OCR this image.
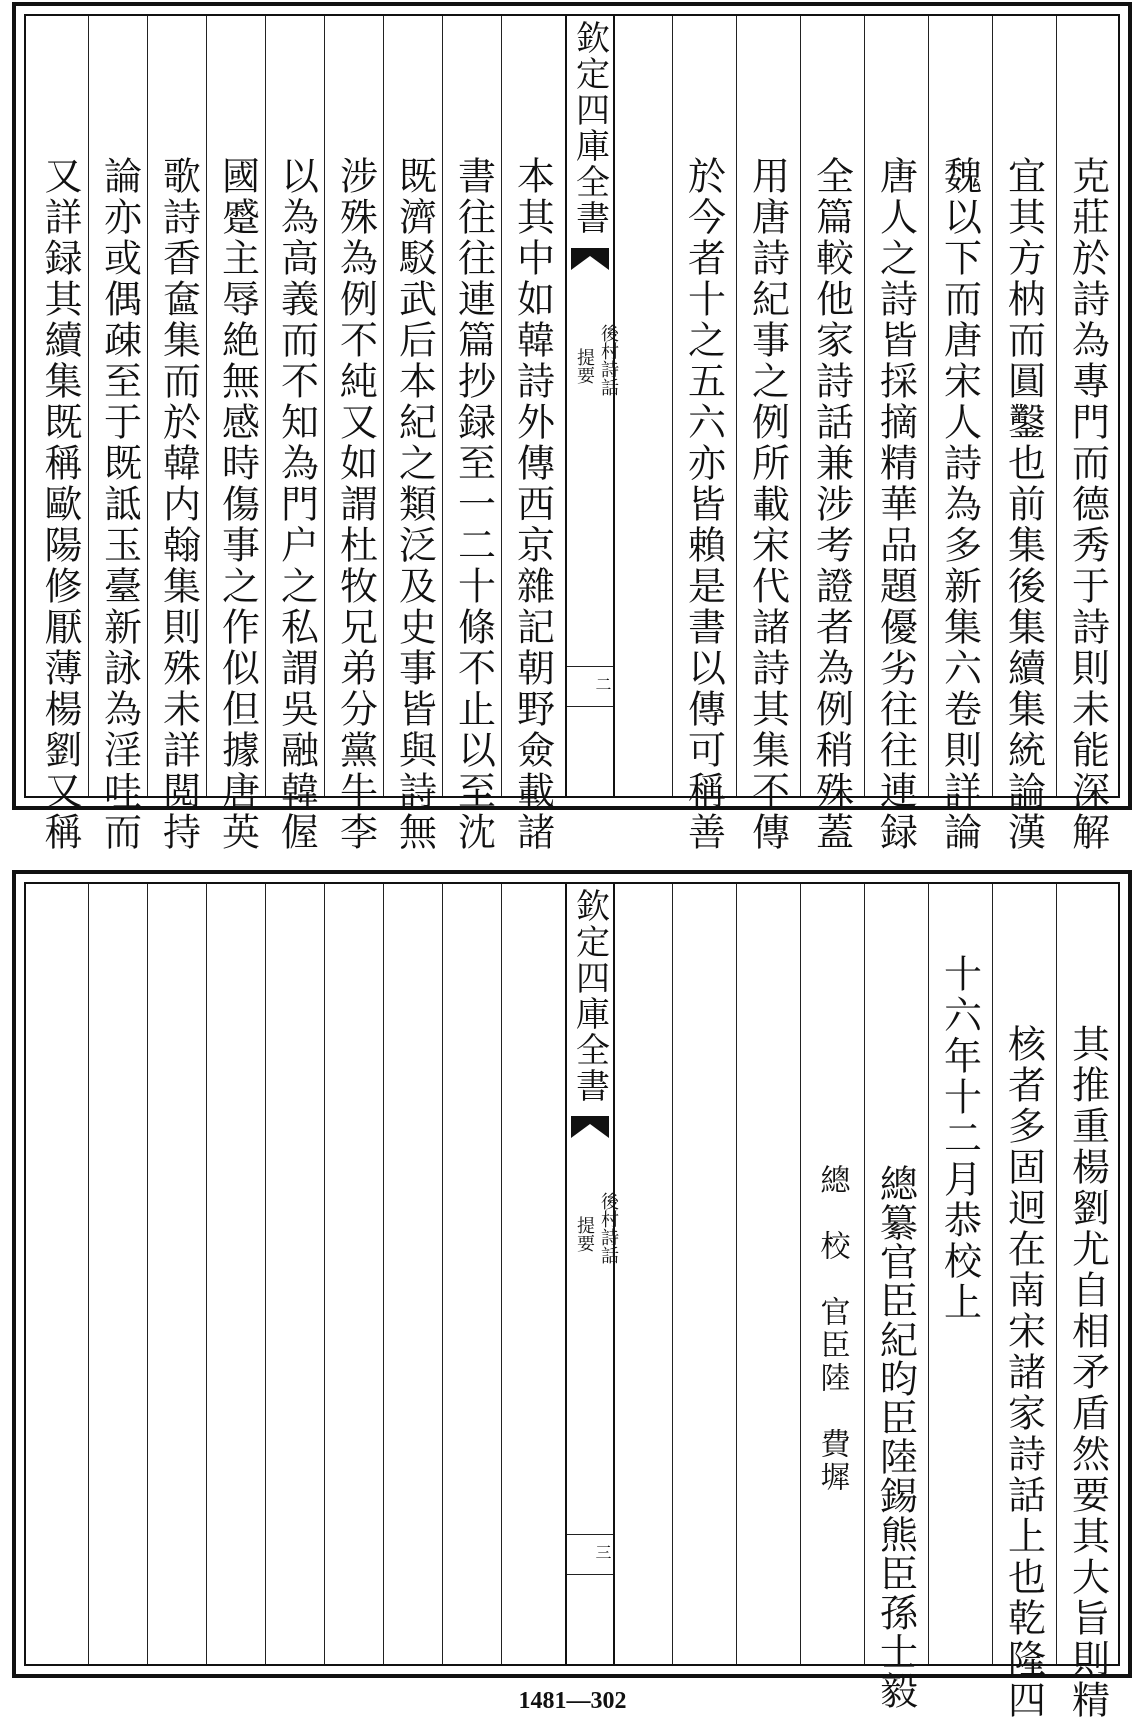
克莊於詩為專門而德秀于詩則未能深解
宜其方枘而圓鑿也前集後集續集統論漢
魏以下而唐宋人詩為多新集六卷則詳論
唐人之詩皆採摘精華品題優劣往往連録
全篇較他家詩話兼涉考證者為例稍殊蓋
用唐詩紀事之例所載宋代諸詩其集不傳
於今者十之五六亦皆賴是書以傳可稱善
欽定四庫全書
後村詩話
提要
二
本其中如韓詩外傳西京雜記朝野僉載諸
書往往連篇抄録至一二十條不止以至沈
既濟駁武后本紀之類泛及史事皆與詩無
涉殊為例不純又如謂杜牧兄弟分黨牛李
以為高義而不知為門户之私謂吳融韓偓
國蹙主辱絶無感時傷事之作似但據唐英
歌詩香奩集而於韓内翰集則殊未詳閲持
論亦或偶疎至于既詆玉臺新詠為淫哇而
又詳録其續集既稱歐陽修厭薄楊劉又稱
其推重楊劉尤自相矛盾然要其大旨則精
核者多固迥在南宋諸家詩話上也乾隆四
十六年十二月恭校上
總纂官臣紀昀臣陸錫熊臣孫士毅
總　校　官臣陸　費墀
欽定四庫全書
後村詩話
提要
三
1481—302
